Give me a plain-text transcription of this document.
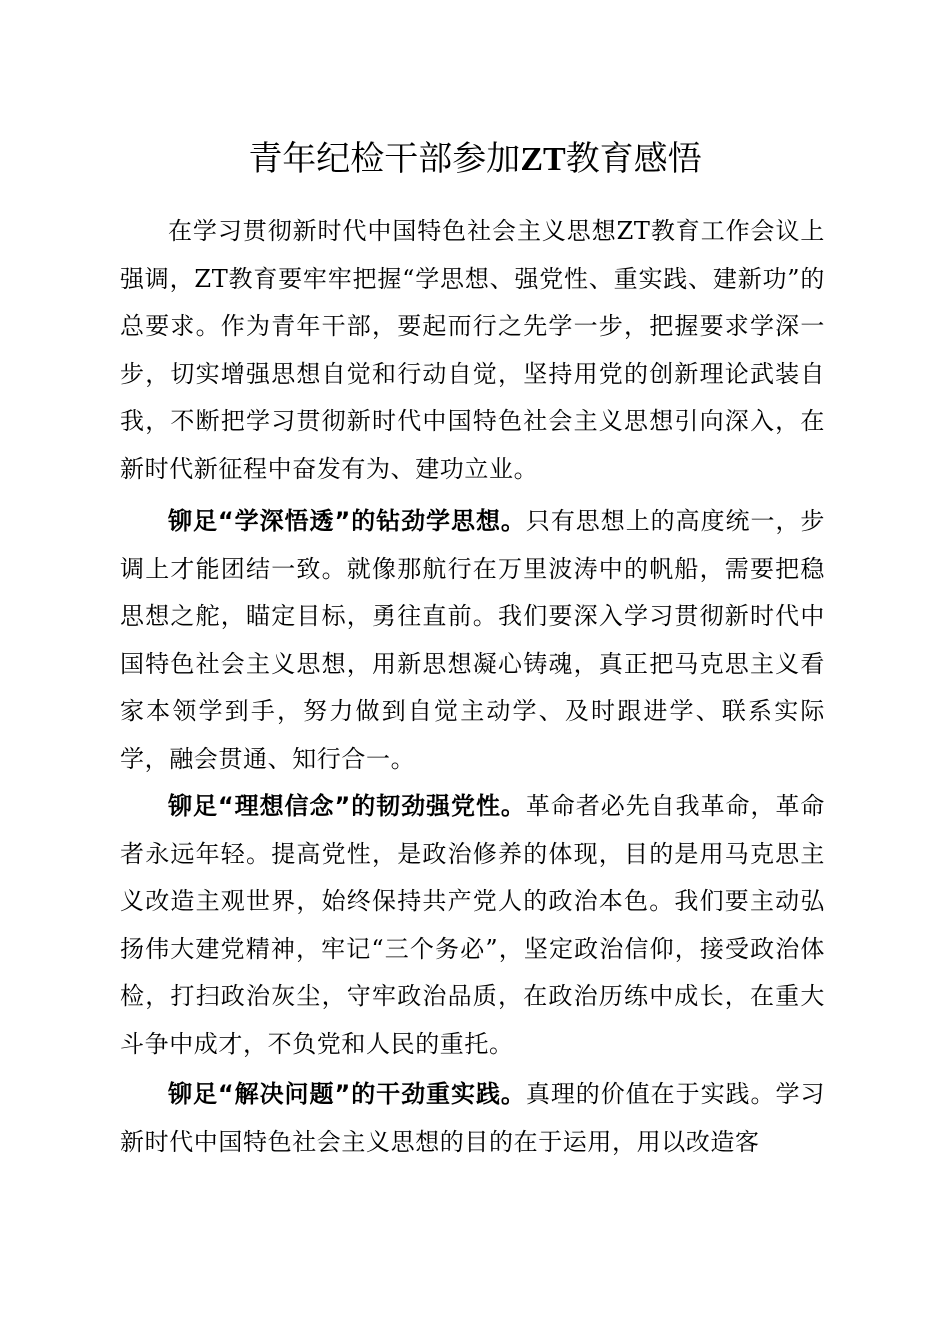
青年纪检干部参加ZT教育感悟

在学习贯彻新时代中国特色社会主义思想ZT教育工作会议上强调，ZT教育要牢牢把握“学思想、强党性、重实践、建新功”的总要求。作为青年干部，要起而行之先学一步，把握要求学深一步，切实增强思想自觉和行动自觉，坚持用党的创新理论武装自我，不断把学习贯彻新时代中国特色社会主义思想引向深入，在新时代新征程中奋发有为、建功立业。

铆足“学深悟透”的钻劲学思想。只有思想上的高度统一，步调上才能团结一致。就像那航行在万里波涛中的帆船，需要把稳思想之舵，瞄定目标，勇往直前。我们要深入学习贯彻新时代中国特色社会主义思想，用新思想凝心铸魂，真正把马克思主义看家本领学到手，努力做到自觉主动学、及时跟进学、联系实际学，融会贯通、知行合一。

铆足“理想信念”的韧劲强党性。革命者必先自我革命，革命者永远年轻。提高党性，是政治修养的体现，目的是用马克思主义改造主观世界，始终保持共产党人的政治本色。我们要主动弘扬伟大建党精神，牢记“三个务必”，坚定政治信仰，接受政治体检，打扫政治灰尘，守牢政治品质，在政治历练中成长，在重大斗争中成才，不负党和人民的重托。

铆足“解决问题”的干劲重实践。真理的价值在于实践。学习新时代中国特色社会主义思想的目的在于运用，用以改造客
